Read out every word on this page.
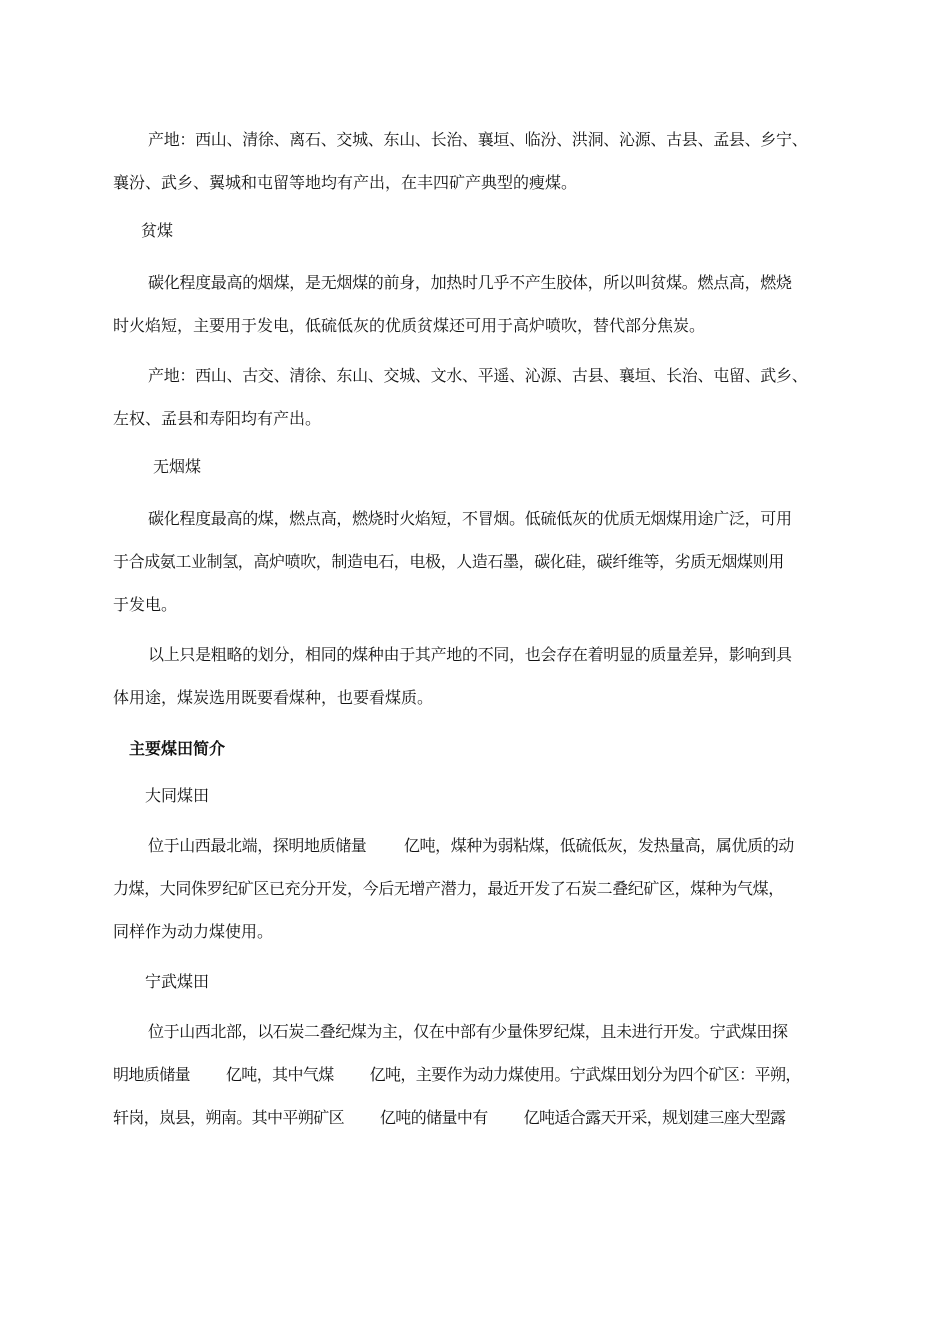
产地：西山、清徐、离石、交城、东山、长治、襄垣、临汾、洪洞、沁源、古县、孟县、乡宁、
襄汾、武乡、翼城和屯留等地均有产出，在丰四矿产典型的瘦煤。
贫煤
碳化程度最高的烟煤，是无烟煤的前身，加热时几乎不产生胶体，所以叫贫煤。燃点高，燃烧
时火焰短，主要用于发电，低硫低灰的优质贫煤还可用于高炉喷吹，替代部分焦炭。
产地：西山、古交、清徐、东山、交城、文水、平遥、沁源、古县、襄垣、长治、屯留、武乡、
左权、孟县和寿阳均有产出。
无烟煤
碳化程度最高的煤，燃点高，燃烧时火焰短，不冒烟。低硫低灰的优质无烟煤用途广泛，可用
于合成氨工业制氢，高炉喷吹，制造电石，电极，人造石墨，碳化硅，碳纤维等，劣质无烟煤则用
于发电。
以上只是粗略的划分，相同的煤种由于其产地的不同，也会存在着明显的质量差异，影响到具
体用途，煤炭选用既要看煤种，也要看煤质。
主要煤田简介
大同煤田
位于山西最北端，探明地质储量        亿吨，煤种为弱粘煤，低硫低灰，发热量高，属优质的动
力煤，大同侏罗纪矿区已充分开发，今后无增产潜力，最近开发了石炭二叠纪矿区，煤种为气煤，
同样作为动力煤使用。
宁武煤田
位于山西北部，以石炭二叠纪煤为主，仅在中部有少量侏罗纪煤，且未进行开发。宁武煤田探
明地质储量        亿吨，其中气煤        亿吨，主要作为动力煤使用。宁武煤田划分为四个矿区：平朔，
轩岗，岚县，朔南。其中平朔矿区        亿吨的储量中有        亿吨适合露天开采，规划建三座大型露
